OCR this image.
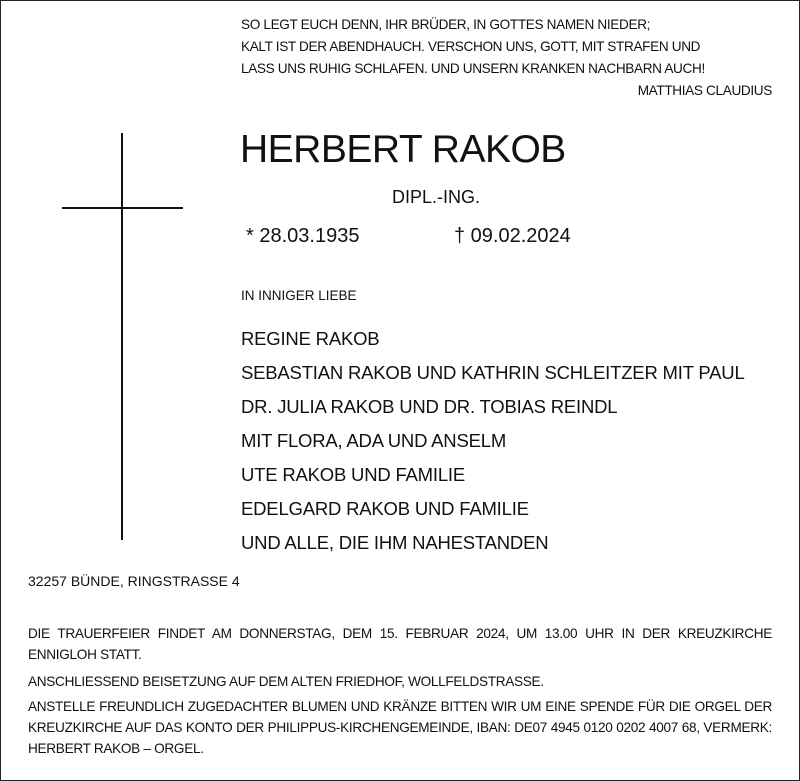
SO LEGT EUCH DENN, IHR BRÜDER, IN GOTTES NAMEN NIEDER;
KALT IST DER ABENDHAUCH. VERSCHON UNS, GOTT, MIT STRAFEN UND
LASS UNS RUHIG SCHLAFEN. UND UNSERN KRANKEN NACHBARN AUCH!
MATTHIAS CLAUDIUS
HERBERT RAKOB
DIPL.-ING.
* 28.03.1935	† 09.02.2024
IN INNIGER LIEBE
REGINE RAKOB
SEBASTIAN RAKOB UND KATHRIN SCHLEITZER MIT PAUL
DR. JULIA RAKOB UND DR. TOBIAS REINDL
MIT FLORA, ADA UND ANSELM
UTE RAKOB UND FAMILIE
EDELGARD RAKOB UND FAMILIE
UND ALLE, DIE IHM NAHESTANDEN
32257 BÜNDE, RINGSTRASSE 4
DIE TRAUERFEIER FINDET AM DONNERSTAG, DEM 15. FEBRUAR 2024, UM 13.00 UHR IN DER KREUZKIRCHE ENNIGLOH STATT.
ANSCHLIESSEND BEISETZUNG AUF DEM ALTEN FRIEDHOF, WOLLFELDSTRASSE.
ANSTELLE FREUNDLICH ZUGEDACHTER BLUMEN UND KRÄNZE BITTEN WIR UM EINE SPENDE FÜR DIE ORGEL DER KREUZKIRCHE AUF DAS KONTO DER PHILIPPUS-KIRCHENGEMEINDE, IBAN: DE07 4945 0120 0202 4007 68, VERMERK: HERBERT RAKOB – ORGEL.
